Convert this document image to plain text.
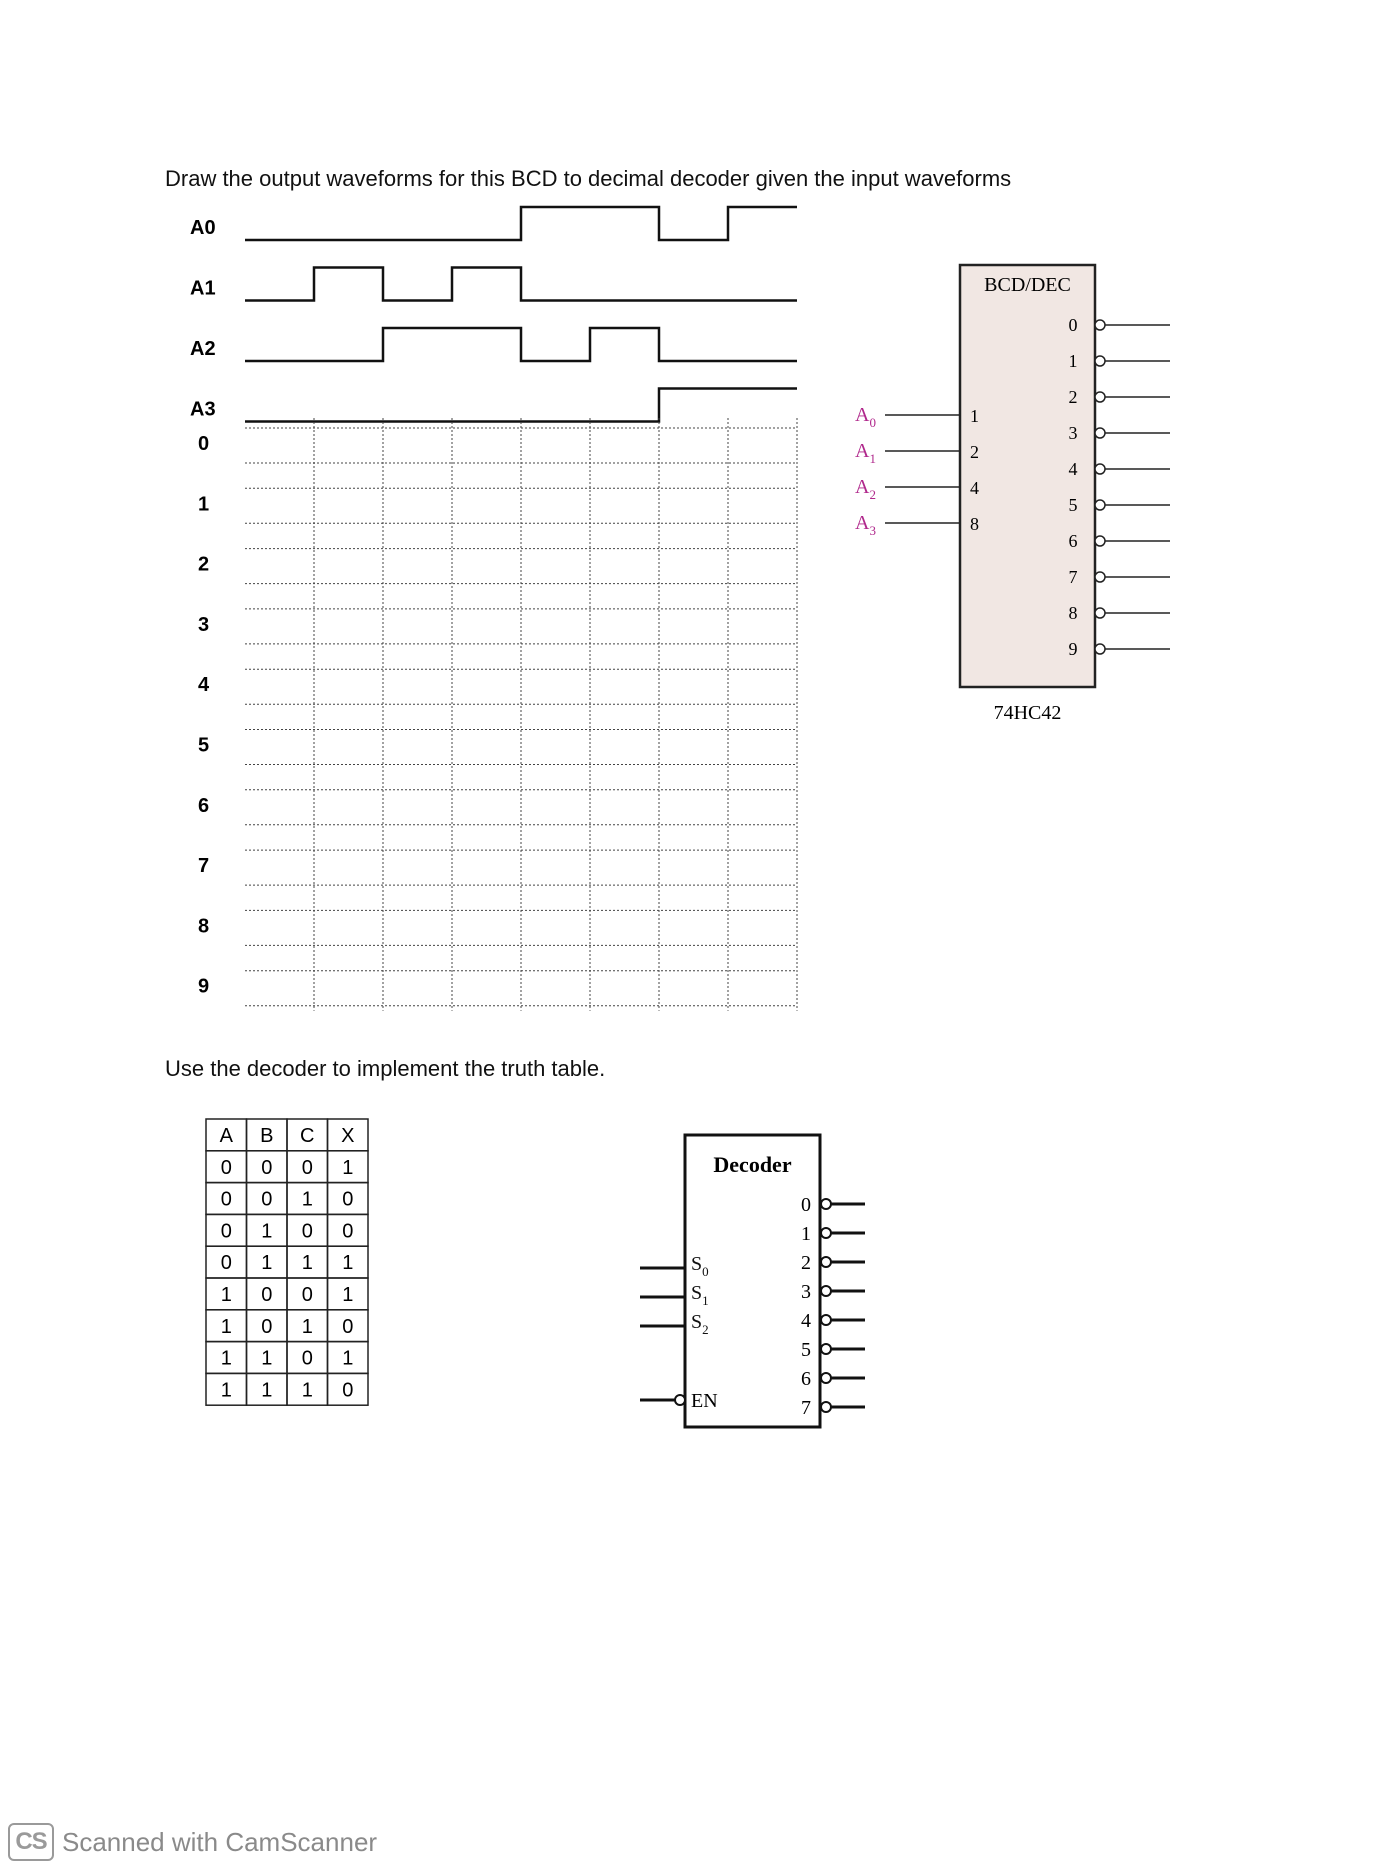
Draw the output waveforms for this BCD to decimal decoder given the input waveforms
Use the decoder to implement the truth table.
A0
A1
A2
A3
0
1
2
3
4
5
6
7
8
9
BCD/DEC
74HC42
$A_0$	1
$A_1$	2
$A_2$	4
$A_3$	8
0
1
2
3
4
5
6
7
8
9
A B C X
0 0 0 1
0 0 1 0
0 1 0 0
0 1 1 1
1 0 0 1
1 0 1 0
1 1 0 1
1 1 1 0
Decoder
$S_0$
$S_1$
$S_2$
EN
0
1
2
3
4
5
6
7
CS Scanned with CamScanner
